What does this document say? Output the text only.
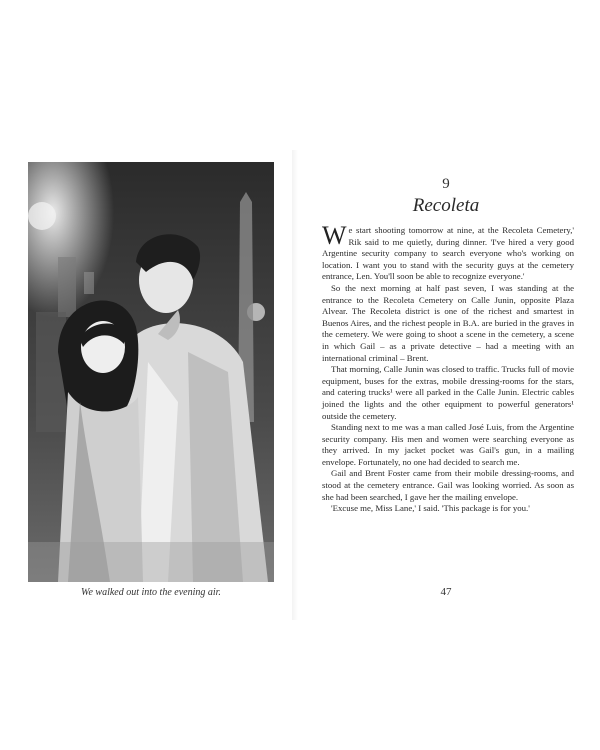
We walked out into the evening air.
9
Recoleta

We start shooting tomorrow at nine, at the Recoleta Cemetery,' Rik said to me quietly, during dinner. 'I've hired a very good Argentine security company to search everyone who's working on location. I want you to stand with the security guys at the cemetery entrance, Len. You'll soon be able to recognize everyone.'

So the next morning at half past seven, I was standing at the entrance to the Recoleta Cemetery on Calle Junin, opposite Plaza Alvear. The Recoleta district is one of the richest and smartest in Buenos Aires, and the richest people in B.A. are buried in the graves in the cemetery. We were going to shoot a scene in the cemetery, a scene in which Gail – as a private detective – had a meeting with an international criminal – Brent.

That morning, Calle Junin was closed to traffic. Trucks full of movie equipment, buses for the extras, mobile dressing-rooms for the stars, and catering trucks¹ were all parked in the Calle Junin. Electric cables joined the lights and the other equipment to powerful generators¹ outside the cemetery.

Standing next to me was a man called José Luis, from the Argentine security company. His men and women were searching everyone as they arrived. In my jacket pocket was Gail's gun, in a mailing envelope. Fortunately, no one had decided to search me.

Gail and Brent Foster came from their mobile dressing-rooms, and stood at the cemetery entrance. Gail was looking worried. As soon as she had been searched, I gave her the mailing envelope.

'Excuse me, Miss Lane,' I said. 'This package is for you.'

47
